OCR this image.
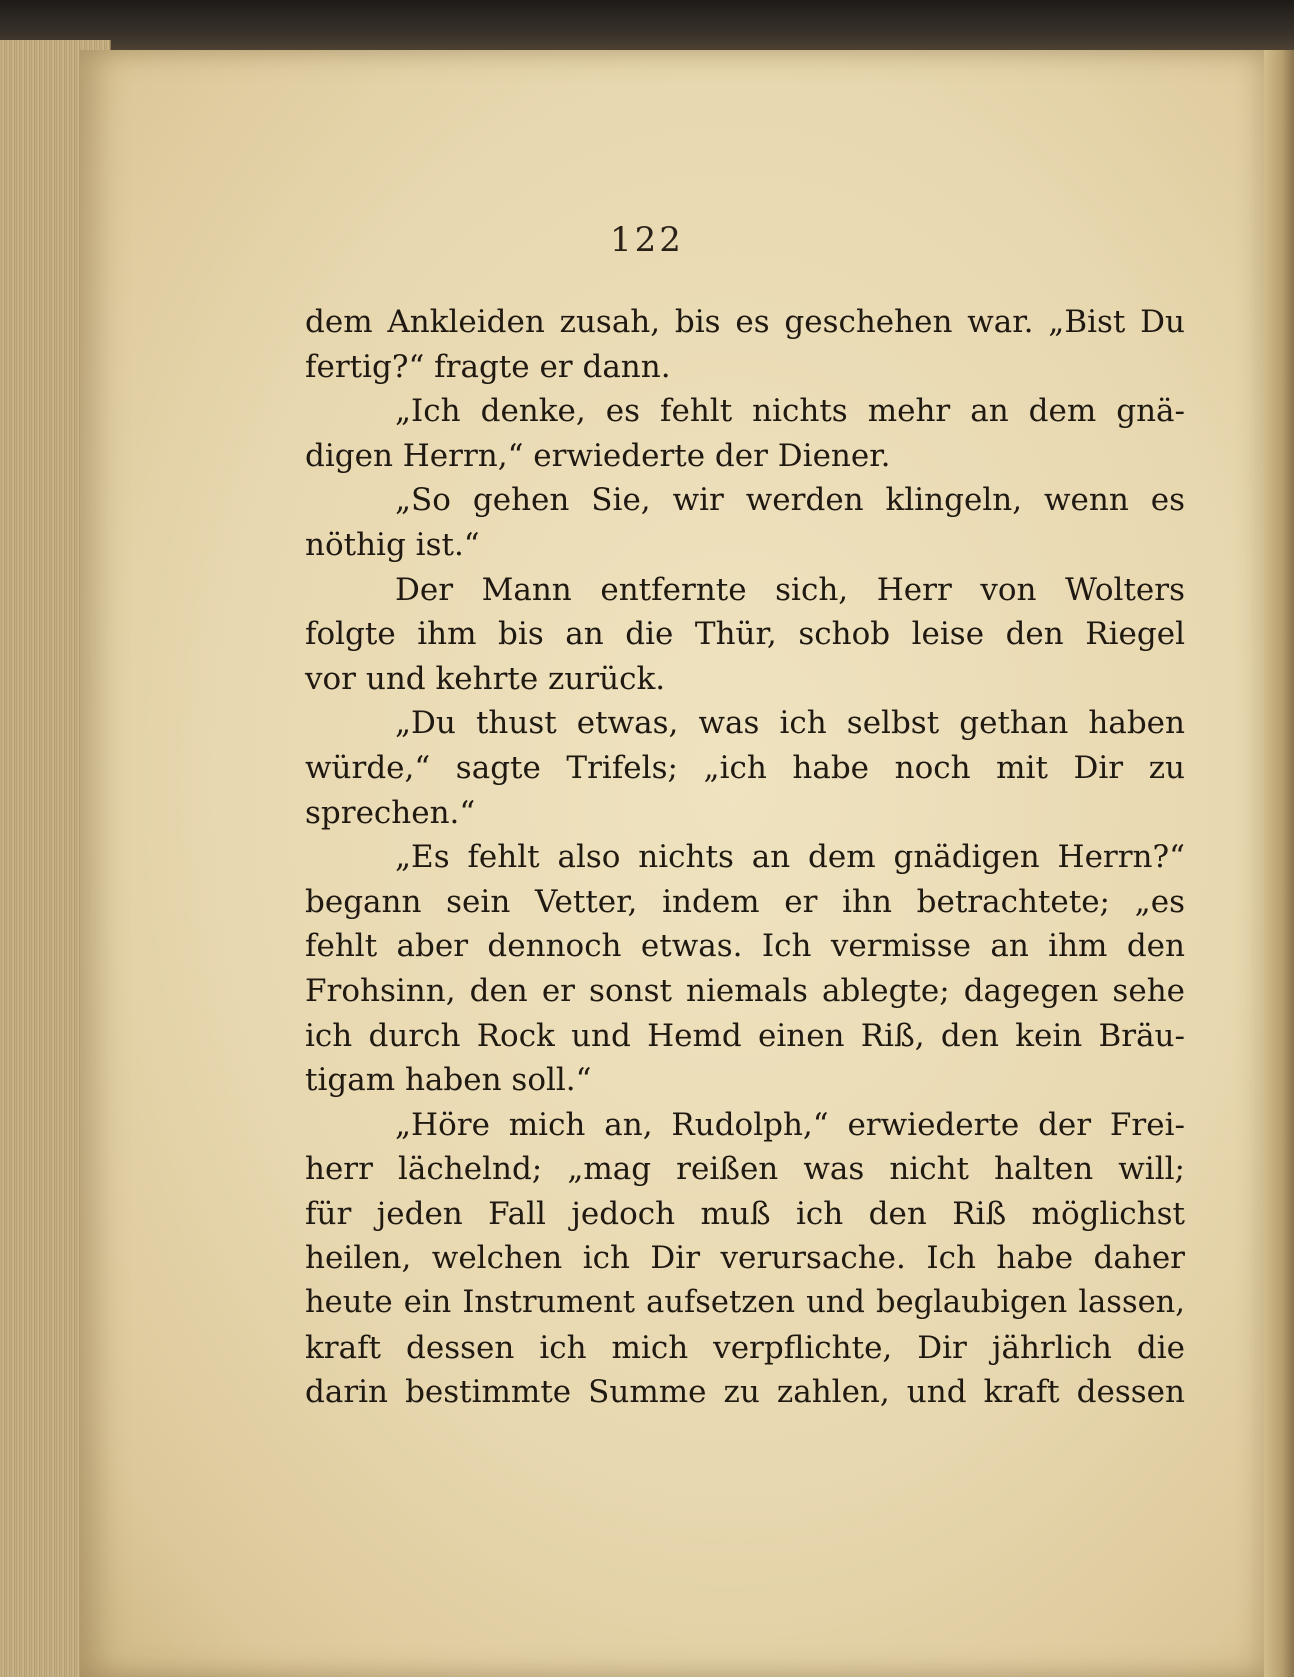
122
dem Ankleiden zusah, bis es geschehen war. „Bist Du
fertig?“ fragte er dann.
„Ich denke, es fehlt nichts mehr an dem gnä-
digen Herrn,“ erwiederte der Diener.
„So gehen Sie, wir werden klingeln, wenn es
nöthig ist.“
Der Mann entfernte sich, Herr von Wolters
folgte ihm bis an die Thür, schob leise den Riegel
vor und kehrte zurück.
„Du thust etwas, was ich selbst gethan haben
würde,“ sagte Trifels; „ich habe noch mit Dir zu
sprechen.“
„Es fehlt also nichts an dem gnädigen Herrn?“
begann sein Vetter, indem er ihn betrachtete; „es
fehlt aber dennoch etwas. Ich vermisse an ihm den
Frohsinn, den er sonst niemals ablegte; dagegen sehe
ich durch Rock und Hemd einen Riß, den kein Bräu-
tigam haben soll.“
„Höre mich an, Rudolph,“ erwiederte der Frei-
herr lächelnd; „mag reißen was nicht halten will;
für jeden Fall jedoch muß ich den Riß möglichst
heilen, welchen ich Dir verursache. Ich habe daher
heute ein Instrument aufsetzen und beglaubigen lassen,
kraft dessen ich mich verpflichte, Dir jährlich die
darin bestimmte Summe zu zahlen, und kraft dessen
